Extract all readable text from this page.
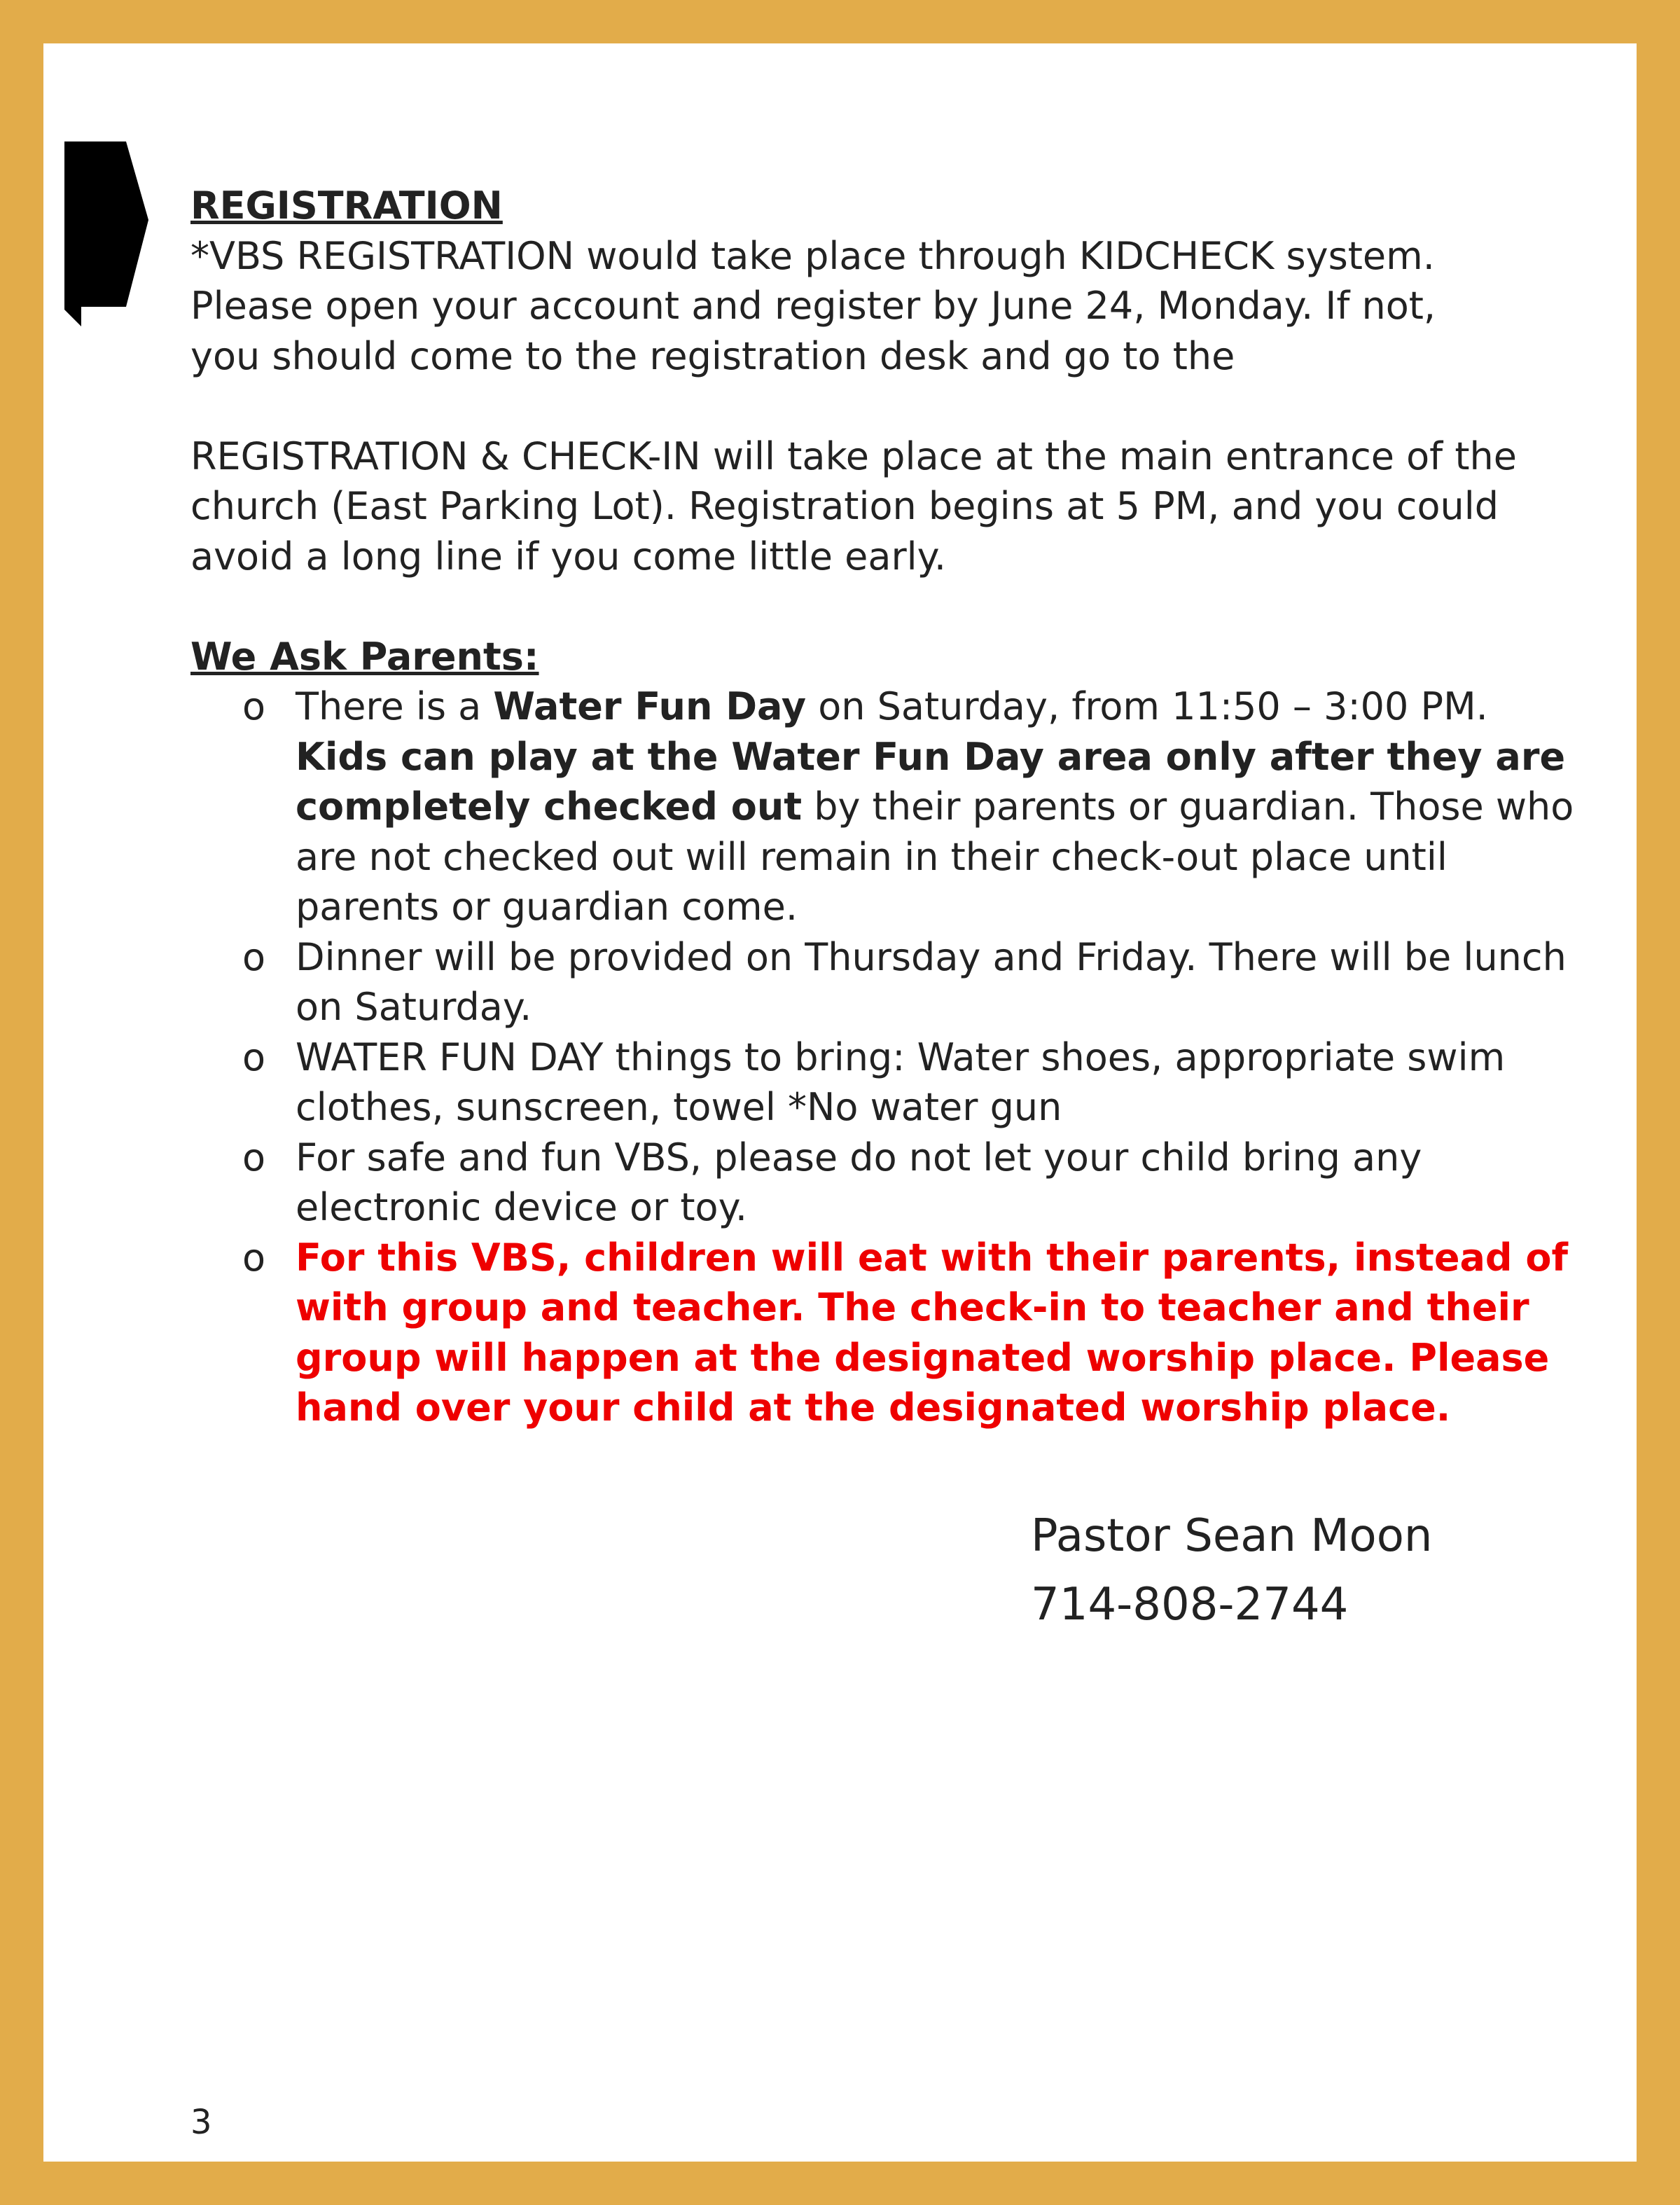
REGISTRATION

*VBS REGISTRATION would take place through KIDCHECK system.

Please open your account and register by June 24, Monday. If not,

you should come to the registration desk and go to the

REGISTRATION & CHECK-IN will take place at the main entrance of the

church (East Parking Lot). Registration begins at 5 PM, and you could

avoid a long line if you come little early.

We Ask Parents:

o There is a Water Fun Day on Saturday, from 11:50 – 3:00 PM. Kids can play at the Water Fun Day area only after they are completely checked out by their parents or guardian. Those who are not checked out will remain in their check-out place until parents or guardian come.
o Dinner will be provided on Thursday and Friday. There will be lunch on Saturday.
o WATER FUN DAY things to bring: Water shoes, appropriate swim clothes, sunscreen, towel *No water gun
o For safe and fun VBS, please do not let your child bring any electronic device or toy.
o For this VBS, children will eat with their parents, instead of with group and teacher. The check-in to teacher and their group will happen at the designated worship place. Please hand over your child at the designated worship place.
Pastor Sean Moon
714-808-2744
3
